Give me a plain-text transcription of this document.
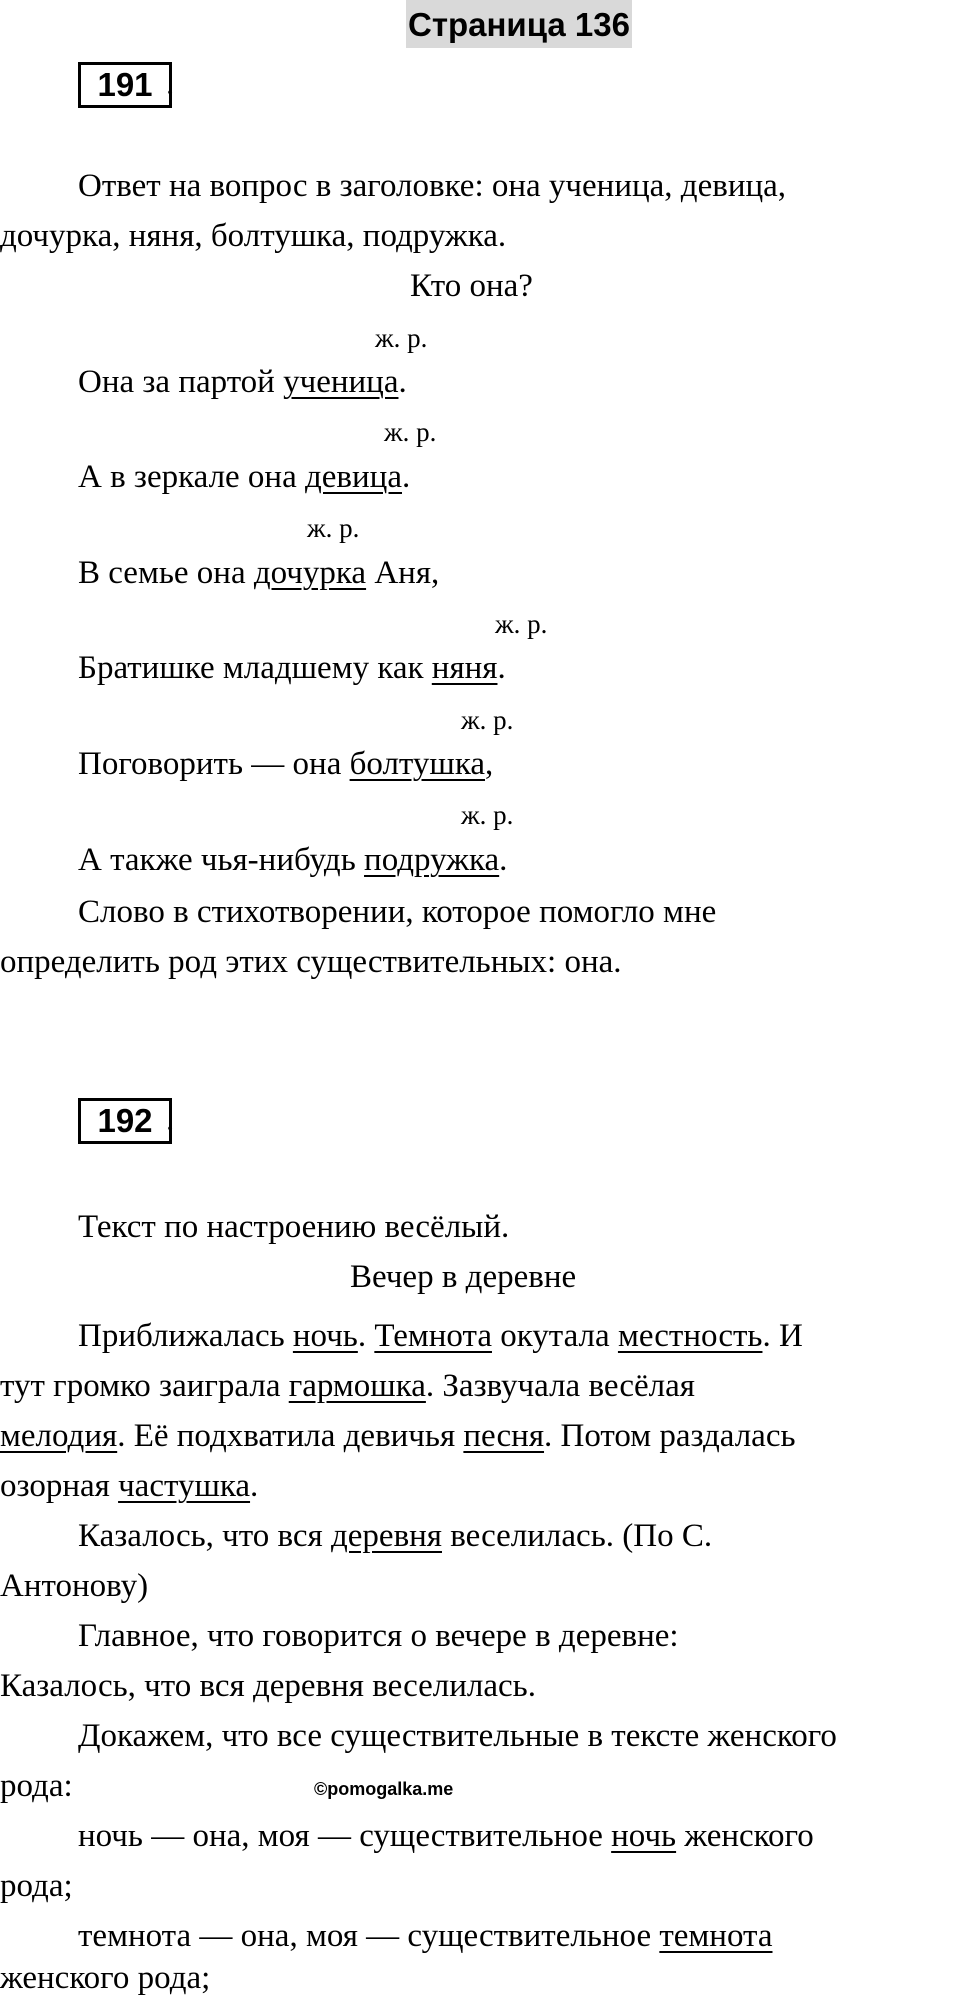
Страница 136
191 .
Ответ на вопрос в заголовке: она ученица, девица,
дочурка, няня, болтушка, подружка.
Кто она?
ж. р.
Она за партой ученица.
ж. р.
А в зеркале она девица.
ж. р.
В семье она дочурка Аня,
ж. р.
Братишке младшему как няня.
ж. р.
Поговорить — она болтушка,
ж. р.
А также чья-нибудь подружка.
Слово в стихотворении, которое помогло мне
определить род этих существительных: она.
192 .
Текст по настроению весёлый.
Вечер в деревне
Приближалась ночь. Темнота окутала местность. И
тут громко заиграла гармошка. Зазвучала весёлая
мелодия. Её подхватила девичья песня. Потом раздалась
озорная частушка.
Казалось, что вся деревня веселилась. (По С.
Антонову)
Главное, что говорится о вечере в деревне:
Казалось, что вся деревня веселилась.
Докажем, что все существительные в тексте женского
рода:	©pomogalka.me
ночь — она, моя — существительное ночь женского
рода;
темнота — она, моя — существительное темнота
женского рода;
